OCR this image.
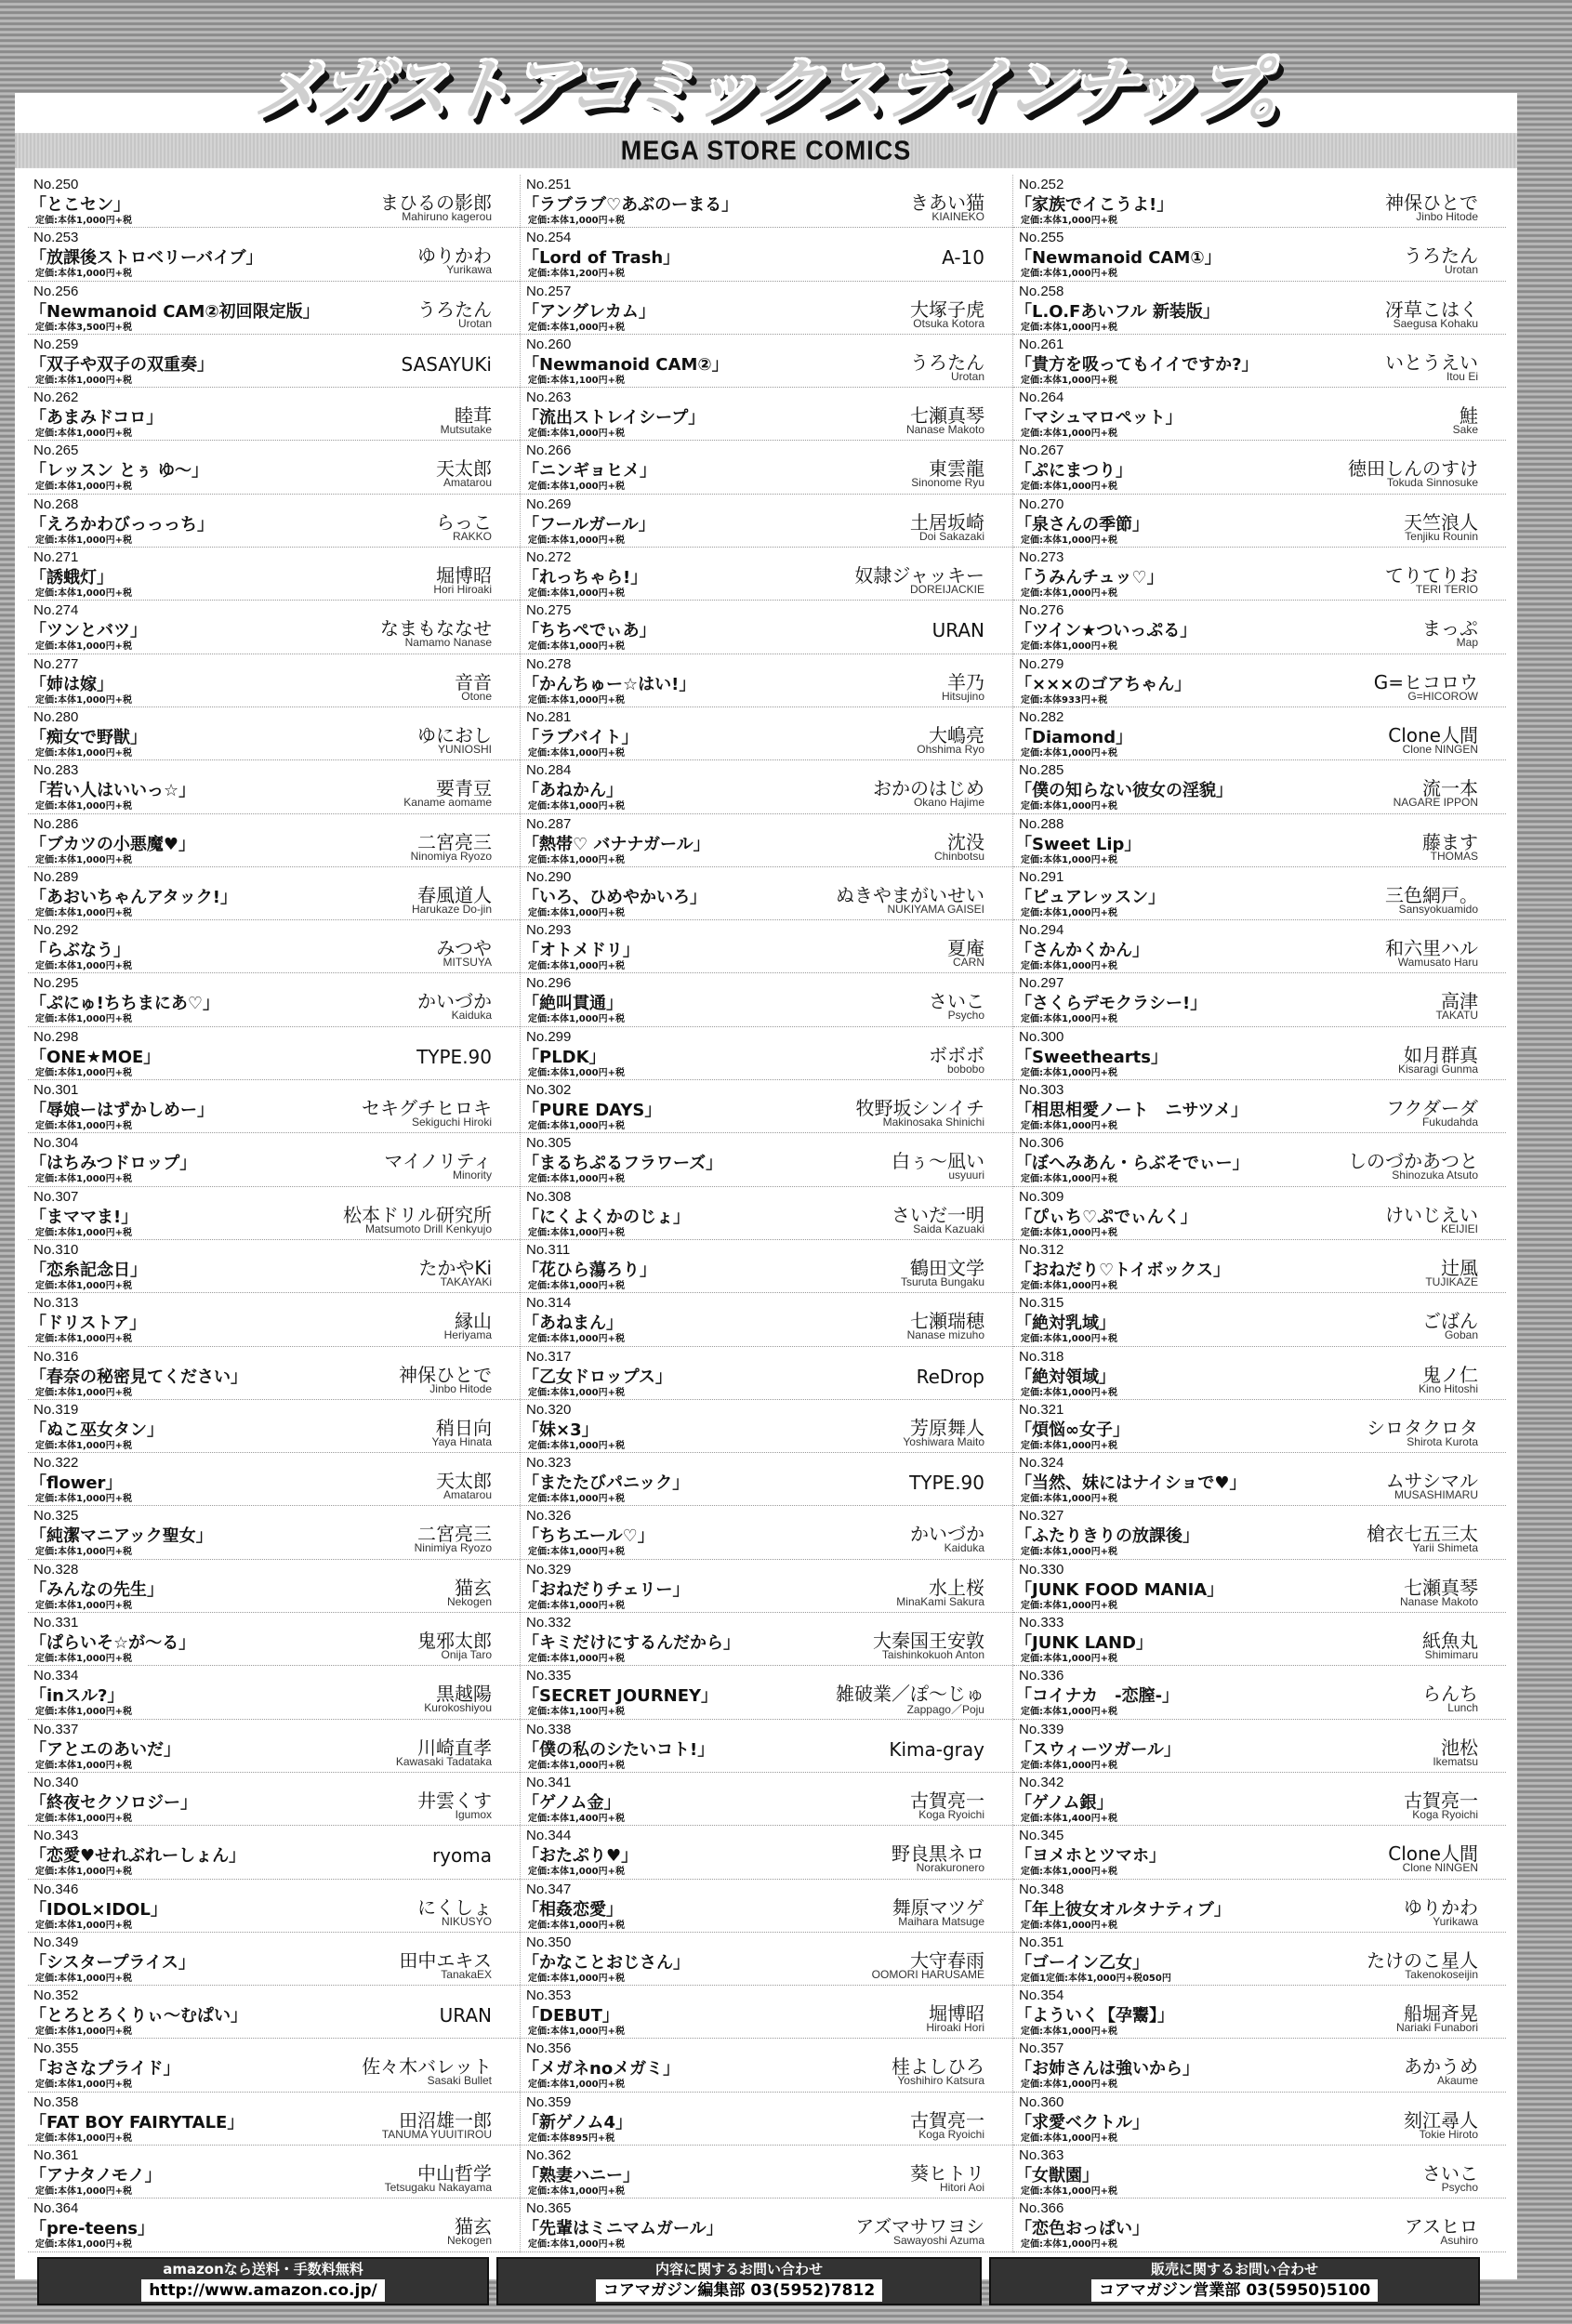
メガストアコミックスラインナップ。
MEGA STORE COMICS
No.250
「とこセン」
定価:本体1,000円+税
まひるの影郎
Mahiruno kagerou
No.253
「放課後ストロベリーバイブ」
定価:本体1,000円+税
ゆりかわ
Yurikawa
No.256
「Newmanoid CAM②初回限定版」
定価:本体3,500円+税
うろたん
Urotan
No.259
「双子や双子の双重奏」
定価:本体1,000円+税
SASAYUKi
No.262
「あまみドコロ」
定価:本体1,000円+税
睦茸
Mutsutake
No.265
「レッスン とぅ ゆ～」
定価:本体1,000円+税
天太郎
Amatarou
No.268
「えろかわびっっっち」
定価:本体1,000円+税
らっこ
RAKKO
No.271
「誘蛾灯」
定価:本体1,000円+税
堀博昭
Hori Hiroaki
No.274
「ツンとバツ」
定価:本体1,000円+税
なまもななせ
Namamo Nanase
No.277
「姉は嫁」
定価:本体1,000円+税
音音
Otone
No.280
「痴女で野獣」
定価:本体1,000円+税
ゆにおし
YUNIOSHI
No.283
「若い人はいいっ☆」
定価:本体1,000円+税
要青豆
Kaname aomame
No.286
「ブカツの小悪魔♥」
定価:本体1,000円+税
二宮亮三
Ninomiya Ryozo
No.289
「あおいちゃんアタック!」
定価:本体1,000円+税
春風道人
Harukaze Do-jin
No.292
「らぶなう」
定価:本体1,000円+税
みつや
MITSUYA
No.295
「ぷにゅ!ちちまにあ♡」
定価:本体1,000円+税
かいづか
Kaiduka
No.298
「ONE★MOE」
定価:本体1,000円+税
TYPE.90
No.301
「辱娘ーはずかしめー」
定価:本体1,000円+税
セキグチヒロキ
Sekiguchi Hiroki
No.304
「はちみつドロップ」
定価:本体1,000円+税
マイノリティ
Minority
No.307
「まママま!」
定価:本体1,000円+税
松本ドリル研究所
Matsumoto Drill Kenkyujo
No.310
「恋糸記念日」
定価:本体1,000円+税
たかやKi
TAKAYAKi
No.313
「ドリストア」
定価:本体1,000円+税
縁山
Heriyama
No.316
「春奈の秘密見てください」
定価:本体1,000円+税
神保ひとで
Jinbo Hitode
No.319
「ぬこ巫女タン」
定価:本体1,000円+税
稍日向
Yaya Hinata
No.322
「flower」
定価:本体1,000円+税
天太郎
Amatarou
No.325
「純潔マニアック聖女」
定価:本体1,000円+税
二宮亮三
Ninimiya Ryozo
No.328
「みんなの先生」
定価:本体1,000円+税
猫玄
Nekogen
No.331
「ぱらいそ☆が～る」
定価:本体1,000円+税
鬼邪太郎
Onija Taro
No.334
「inスル?」
定価:本体1,000円+税
黒越陽
Kurokoshiyou
No.337
「アとエのあいだ」
定価:本体1,000円+税
川崎直孝
Kawasaki Tadataka
No.340
「終夜セクソロジー」
定価:本体1,000円+税
井雲くす
Igumox
No.343
「恋愛♥せれぶれーしょん」
定価:本体1,000円+税
ryoma
No.346
「IDOL×IDOL」
定価:本体1,000円+税
にくしょ
NIKUSYO
No.349
「シスタープライス」
定価:本体1,000円+税
田中エキス
TanakaEX
No.352
「とろとろくりぃ～むぱい」
定価:本体1,000円+税
URAN
No.355
「おさなプライド」
定価:本体1,000円+税
佐々木バレット
Sasaki Bullet
No.358
「FAT BOY FAIRYTALE」
定価:本体1,000円+税
田沼雄一郎
TANUMA YUUITIROU
No.361
「アナタノモノ」
定価:本体1,000円+税
中山哲学
Tetsugaku Nakayama
No.364
「pre-teens」
定価:本体1,000円+税
猫玄
Nekogen
No.251
「ラブラブ♡あぶのーまる」
定価:本体1,000円+税
きあい猫
KIAINEKO
No.254
「Lord of Trash」
定価:本体1,200円+税
A-10
No.257
「アングレカム」
定価:本体1,000円+税
大塚子虎
Otsuka Kotora
No.260
「Newmanoid CAM②」
定価:本体1,100円+税
うろたん
Urotan
No.263
「流出ストレイシープ」
定価:本体1,000円+税
七瀬真琴
Nanase Makoto
No.266
「ニンギョヒメ」
定価:本体1,000円+税
東雲龍
Sinonome Ryu
No.269
「フールガール」
定価:本体1,000円+税
土居坂崎
Doi Sakazaki
No.272
「れっちゃら!」
定価:本体1,000円+税
奴隷ジャッキー
DOREIJACKIE
No.275
「ちちぺでぃあ」
定価:本体1,000円+税
URAN
No.278
「かんちゅー☆はい!」
定価:本体1,000円+税
羊乃
Hitsujino
No.281
「ラブバイト」
定価:本体1,000円+税
大嶋亮
Ohshima Ryo
No.284
「あねかん」
定価:本体1,000円+税
おかのはじめ
Okano Hajime
No.287
「熱帯♡ バナナガール」
定価:本体1,000円+税
沈没
Chinbotsu
No.290
「いろ、ひめやかいろ」
定価:本体1,000円+税
ぬきやまがいせい
NUKIYAMA GAISEI
No.293
「オトメドリ」
定価:本体1,000円+税
夏庵
CARN
No.296
「絶叫貫通」
定価:本体1,000円+税
さいこ
Psycho
No.299
「PLDK」
定価:本体1,000円+税
ボボボ
bobobo
No.302
「PURE DAYS」
定価:本体1,000円+税
牧野坂シンイチ
Makinosaka Shinichi
No.305
「まるちぷるフラワーズ」
定価:本体1,000円+税
白ぅ～凪い
usyuuri
No.308
「にくよくかのじょ」
定価:本体1,000円+税
さいだ一明
Saida Kazuaki
No.311
「花ひら蕩ろり」
定価:本体1,000円+税
鶴田文学
Tsuruta Bungaku
No.314
「あねまん」
定価:本体1,000円+税
七瀬瑞穂
Nanase mizuho
No.317
「乙女ドロップス」
定価:本体1,000円+税
ReDrop
No.320
「妹×3」
定価:本体1,000円+税
芳原舞人
Yoshiwara Maito
No.323
「またたびパニック」
定価:本体1,000円+税
TYPE.90
No.326
「ちちエール♡」
定価:本体1,000円+税
かいづか
Kaiduka
No.329
「おねだりチェリー」
定価:本体1,000円+税
水上桜
MinaKami Sakura
No.332
「キミだけにするんだから」
定価:本体1,000円+税
大秦国王安敦
Taishinkokuoh Anton
No.335
「SECRET JOURNEY」
定価:本体1,100円+税
雑破業／ぽ～じゅ
Zappago／Poju
No.338
「僕の私のシたいコト!」
定価:本体1,000円+税
Kima-gray
No.341
「ゲノム金」
定価:本体1,400円+税
古賀亮一
Koga Ryoichi
No.344
「おたぷり♥」
定価:本体1,000円+税
野良黒ネロ
Norakuronero
No.347
「相姦恋愛」
定価:本体1,000円+税
舞原マツゲ
Maihara Matsuge
No.350
「かなことおじさん」
定価:本体1,000円+税
大守春雨
OOMORI HARUSAME
No.353
「DEBUT」
定価:本体1,000円+税
堀博昭
Hiroaki Hori
No.356
「メガネnoメガミ」
定価:本体1,000円+税
桂よしひろ
Yoshihiro Katsura
No.359
「新ゲノム4」
定価:本体895円+税
古賀亮一
Koga Ryoichi
No.362
「熟妻ハニー」
定価:本体1,000円+税
葵ヒトリ
Hitori Aoi
No.365
「先輩はミニマムガール」
定価:本体1,000円+税
アズマサワヨシ
Sawayoshi Azuma
No.252
「家族でイこうよ!」
定価:本体1,000円+税
神保ひとで
Jinbo Hitode
No.255
「Newmanoid CAM①」
定価:本体1,000円+税
うろたん
Urotan
No.258
「L.O.Fあいフル 新装版」
定価:本体1,000円+税
冴草こはく
Saegusa Kohaku
No.261
「貴方を吸ってもイイですか?」
定価:本体1,000円+税
いとうえい
Itou Ei
No.264
「マシュマロペット」
定価:本体1,000円+税
鮭
Sake
No.267
「ぷにまつり」
定価:本体1,000円+税
徳田しんのすけ
Tokuda Sinnosuke
No.270
「泉さんの季節」
定価:本体1,000円+税
天竺浪人
Tenjiku Rounin
No.273
「うみんチュッ♡」
定価:本体1,000円+税
てりてりお
TERI TERIO
No.276
「ツイン★ついっぷる」
定価:本体1,000円+税
まっぷ
Map
No.279
「×××のゴアちゃん」
定価:本体933円+税
G=ヒコロウ
G=HICOROW
No.282
「Diamond」
定価:本体1,000円+税
Clone人間
Clone NINGEN
No.285
「僕の知らない彼女の淫貌」
定価:本体1,000円+税
流一本
NAGARE IPPON
No.288
「Sweet Lip」
定価:本体1,000円+税
藤ます
THOMAS
No.291
「ピュアレッスン」
定価:本体1,000円+税
三色網戸。
Sansyokuamido
No.294
「さんかくかん」
定価:本体1,000円+税
和六里ハル
Wamusato Haru
No.297
「さくらデモクラシー!」
定価:本体1,000円+税
高津
TAKATU
No.300
「Sweethearts」
定価:本体1,000円+税
如月群真
Kisaragi Gunma
No.303
「相思相愛ノート　ニサツメ」
定価:本体1,000円+税
フクダーダ
Fukudahda
No.306
「ぼへみあん・らぶそでぃー」
定価:本体1,000円+税
しのづかあつと
Shinozuka Atsuto
No.309
「ぴぃち♡ぷでぃんく」
定価:本体1,000円+税
けいじえい
KEIJIEI
No.312
「おねだり♡トイボックス」
定価:本体1,000円+税
辻風
TUJIKAZE
No.315
「絶対乳域」
定価:本体1,000円+税
ごばん
Goban
No.318
「絶対領域」
定価:本体1,000円+税
鬼ノ仁
Kino Hitoshi
No.321
「煩悩∞女子」
定価:本体1,000円+税
シロタクロタ
Shirota Kurota
No.324
「当然、妹にはナイショで♥」
定価:本体1,000円+税
ムサシマル
MUSASHIMARU
No.327
「ふたりきりの放課後」
定価:本体1,000円+税
槍衣七五三太
Yarii Shimeta
No.330
「JUNK FOOD MANIA」
定価:本体1,000円+税
七瀬真琴
Nanase Makoto
No.333
「JUNK LAND」
定価:本体1,000円+税
紙魚丸
Shimimaru
No.336
「コイナカ　-恋膣-」
定価:本体1,000円+税
らんち
Lunch
No.339
「スウィーツガール」
定価:本体1,000円+税
池松
Ikematsu
No.342
「ゲノム銀」
定価:本体1,400円+税
古賀亮一
Koga Ryoichi
No.345
「ヨメホとツマホ」
定価:本体1,000円+税
Clone人間
Clone NINGEN
No.348
「年上彼女オルタナティブ」
定価:本体1,000円+税
ゆりかわ
Yurikawa
No.351
「ゴーイン乙女」
定価1定価:本体1,000円+税050円
たけのこ星人
Takenokoseijin
No.354
「よういく【孕鬻】」
定価:本体1,000円+税
船堀斉晃
Nariaki Funabori
No.357
「お姉さんは強いから」
定価:本体1,000円+税
あかうめ
Akaume
No.360
「求愛ベクトル」
定価:本体1,000円+税
刻江尋人
Tokie Hiroto
No.363
「女獣園」
定価:本体1,000円+税
さいこ
Psycho
No.366
「恋色おっぱい」
定価:本体1,000円+税
アスヒロ
Asuhiro
amazonなら送料・手数料無料
http://www.amazon.co.jp/
内容に関するお問い合わせ
コアマガジン編集部 03(5952)7812
販売に関するお問い合わせ
コアマガジン営業部 03(5950)5100
